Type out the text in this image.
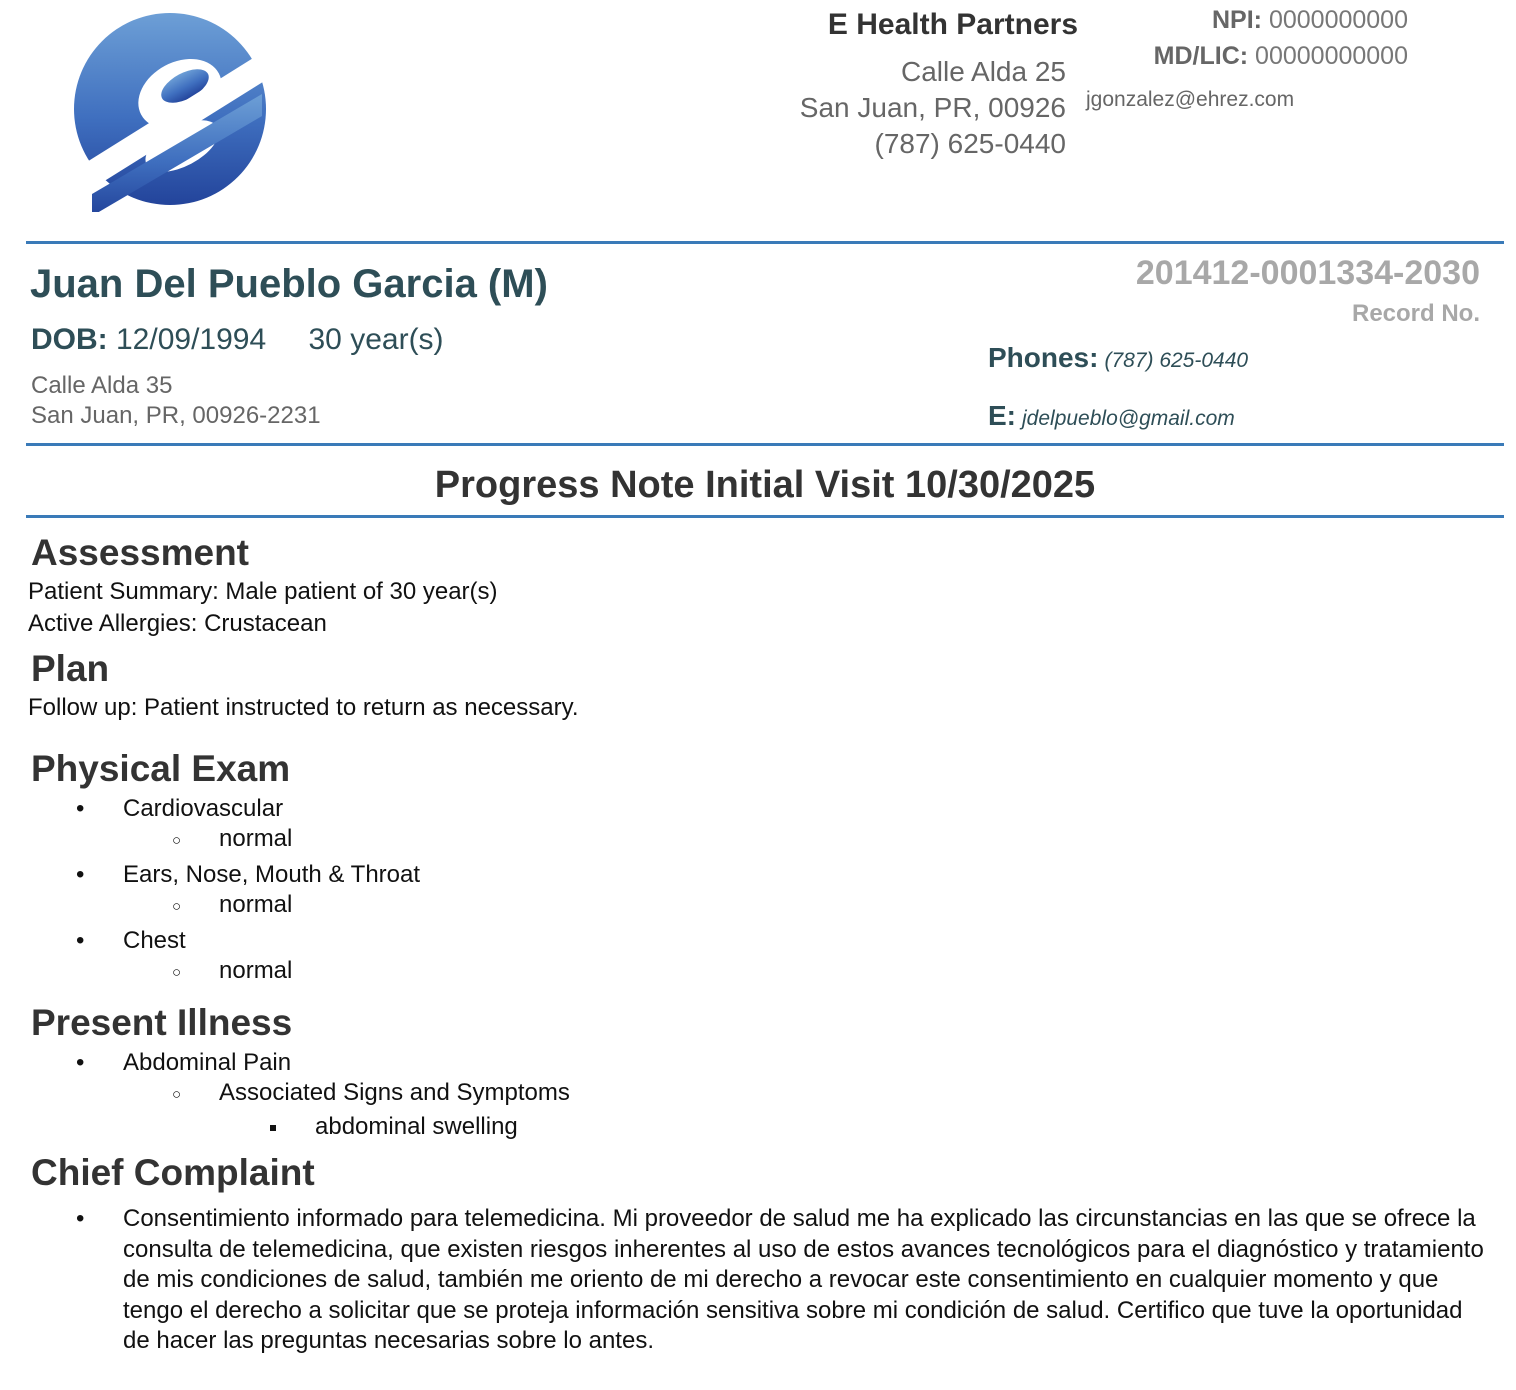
E Health Partners
Calle Alda 25
San Juan, PR, 00926
(787) 625-0440
jgonzalez@ehrez.com
NPI: 0000000000
MD/LIC: 00000000000
Juan Del Pueblo Garcia (M)
DOB: 12/09/1994 30 year(s)
Calle Alda 35
San Juan, PR, 00926-2231
201412-0001334-2030
Record No.
Phones: (787) 625-0440
E: jdelpueblo@gmail.com
Progress Note Initial Visit 10/30/2025
Assessment
Patient Summary: Male patient of 30 year(s)
Active Allergies: Crustacean
Plan
Follow up: Patient instructed to return as necessary.
Physical Exam
• Cardiovascular
○ normal
• Ears, Nose, Mouth & Throat
○ normal
• Chest
○ normal
Present Illness
• Abdominal Pain
○ Associated Signs and Symptoms
abdominal swelling
Chief Complaint
• Consentimiento informado para telemedicina. Mi proveedor de salud me ha explicado las circunstancias en las que se ofrece la consulta de telemedicina, que existen riesgos inherentes al uso de estos avances tecnológicos para el diagnóstico y tratamiento de mis condiciones de salud, también me oriento de mi derecho a revocar este consentimiento en cualquier momento y que tengo el derecho a solicitar que se proteja información sensitiva sobre mi condición de salud. Certifico que tuve la oportunidad de hacer las preguntas necesarias sobre lo antes.
